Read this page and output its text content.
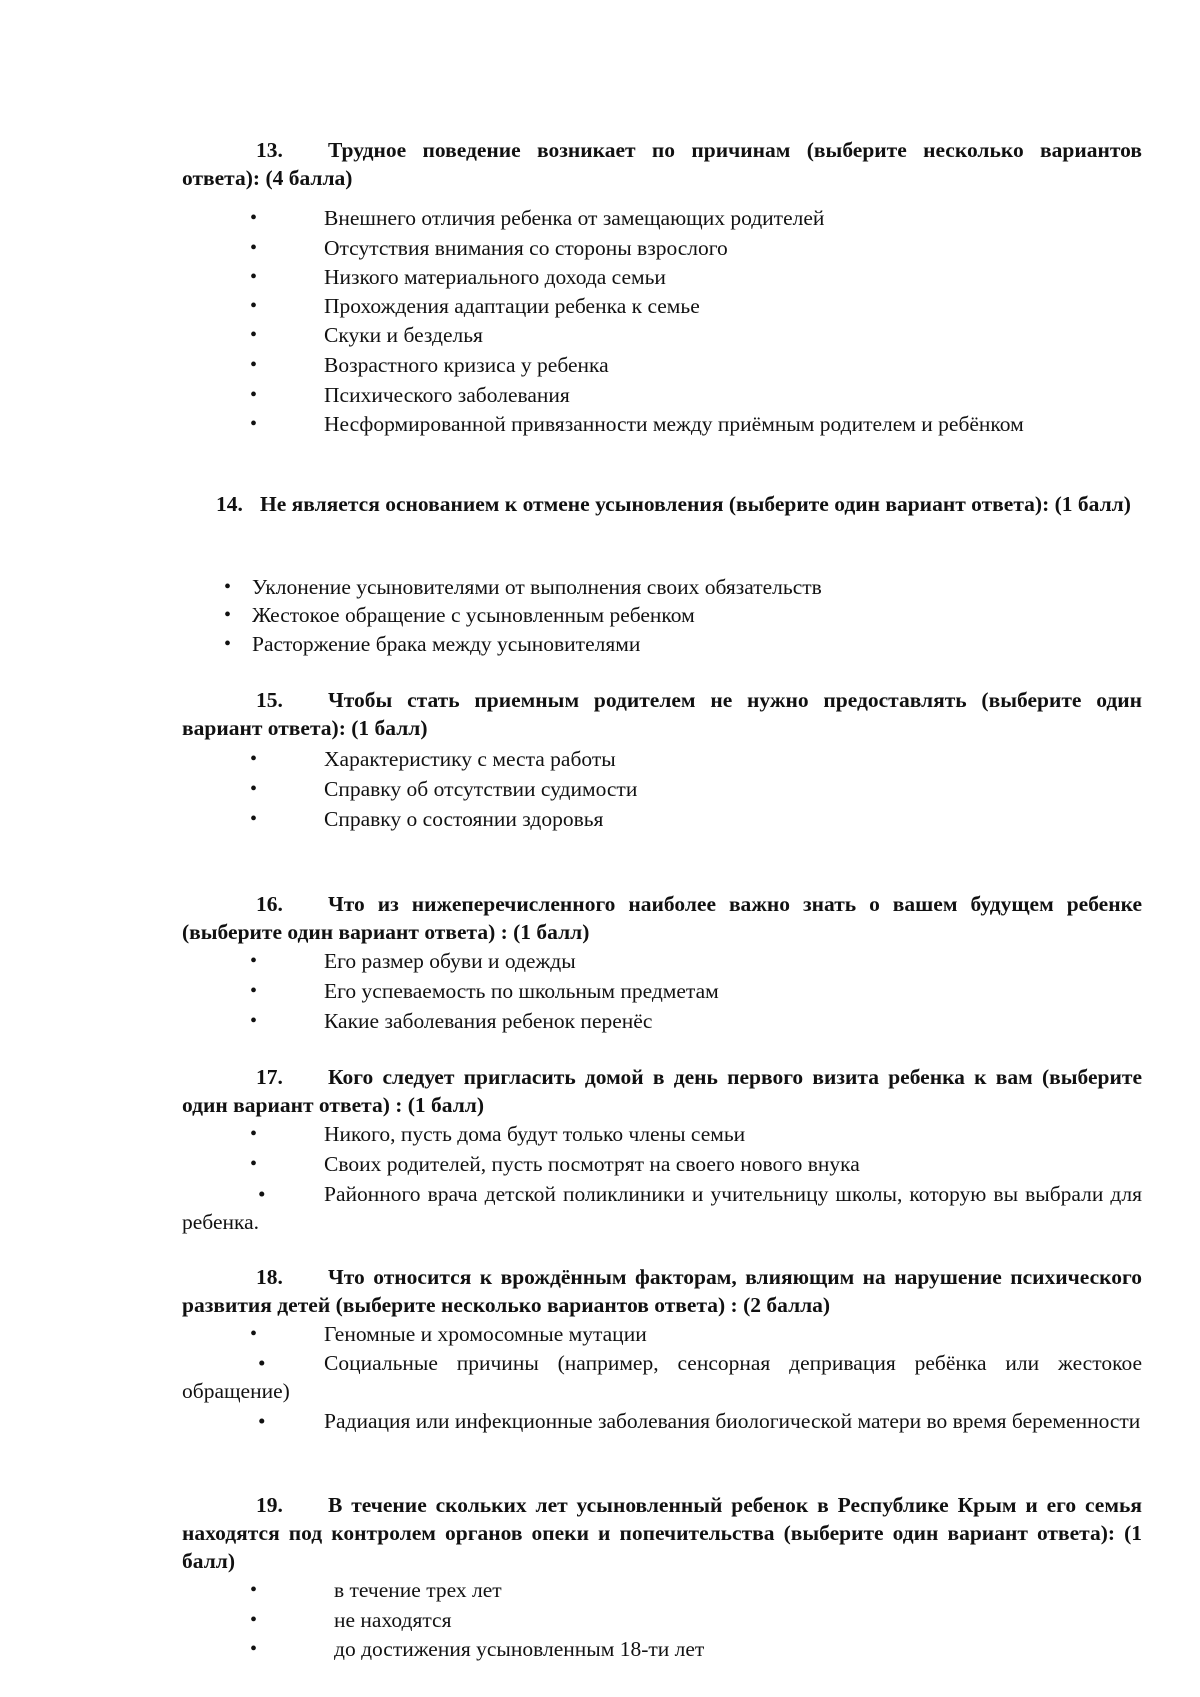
13. Трудное поведение возникает по причинам (выберите несколько вариантов ответа): (4 балла)
•	Внешнего отличия ребенка от замещающих родителей
•	Отсутствия внимания со стороны взрослого
•	Низкого материального дохода семьи
•	Прохождения адаптации ребенка к семье
•	Скуки и безделья
•	Возрастного кризиса у ребенка
•	Психического заболевания
•	Несформированной привязанности между приёмным родителем и ребёнком
14. Не является основанием к отмене усыновления (выберите один вариант ответа): (1 балл)
• Уклонение усыновителями от выполнения своих обязательств
• Жестокое обращение с усыновленным ребенком
• Расторжение брака между усыновителями
15. Чтобы стать приемным родителем не нужно предоставлять (выберите один вариант ответа): (1 балл)
•	Характеристику с места работы
•	Справку об отсутствии судимости
•	Справку о состоянии здоровья
16. Что из нижеперечисленного наиболее важно знать о вашем будущем ребенке (выберите один вариант ответа) : (1 балл)
•	Его размер обуви и одежды
•	Его успеваемость по школьным предметам
•	Какие заболевания ребенок перенёс
17. Кого следует пригласить домой в день первого визита ребенка к вам (выберите один вариант ответа) : (1 балл)
•	Никого, пусть дома будут только члены семьи
•	Своих родителей, пусть посмотрят на своего нового внука
•	Районного врача детской поликлиники и учительницу школы, которую вы выбрали для ребенка.
18. Что относится к врождённым факторам, влияющим на нарушение психического развития детей (выберите несколько вариантов ответа) : (2 балла)
•	Геномные и хромосомные мутации
•	Социальные причины (например, сенсорная депривация ребёнка или жестокое обращение)
•	Радиация или инфекционные заболевания биологической матери во время беременности
19. В течение скольких лет усыновленный ребенок в Республике Крым и его семья находятся под контролем органов опеки и попечительства (выберите один вариант ответа): (1 балл)
•	в течение трех лет
•	не находятся
•	до достижения усыновленным 18-ти лет
